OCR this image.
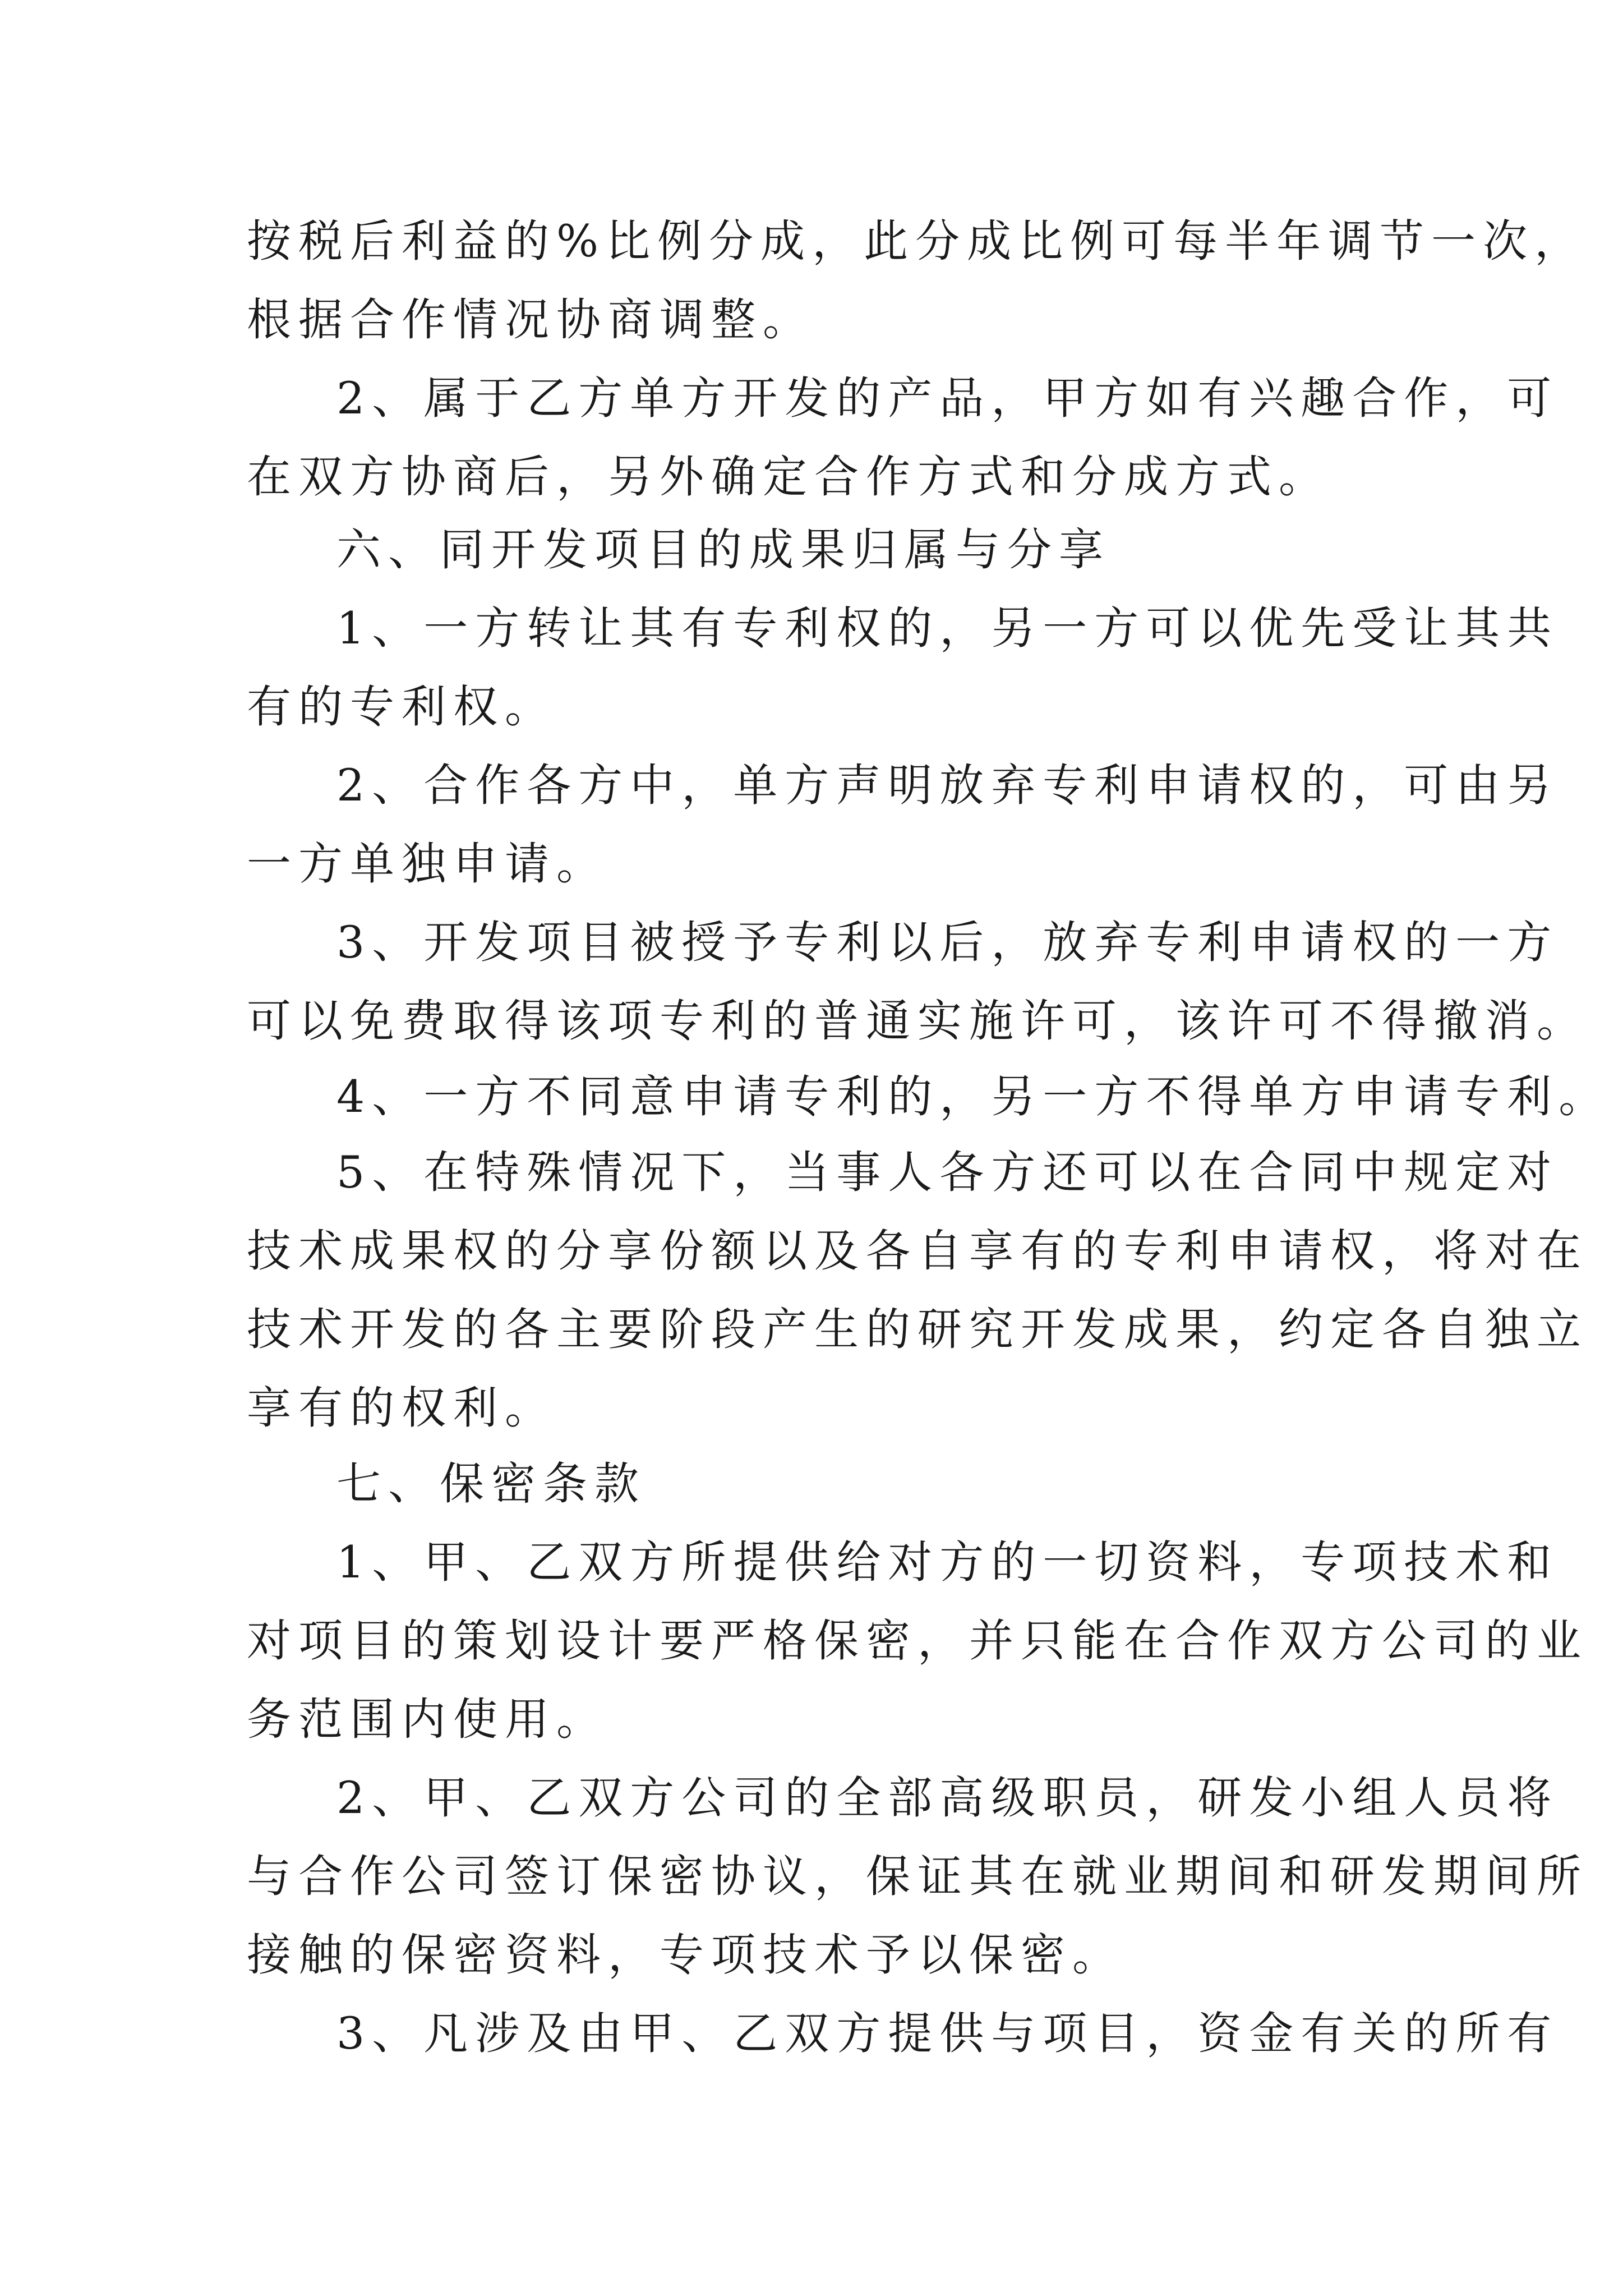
按税后利益的%比例分成，此分成比例可每半年调节一次，

根据合作情况协商调整。

2、属于乙方单方开发的产品，甲方如有兴趣合作，可

在双方协商后，另外确定合作方式和分成方式。

六、同开发项目的成果归属与分享

1、一方转让其有专利权的，另一方可以优先受让其共

有的专利权。

2、合作各方中，单方声明放弃专利申请权的，可由另

一方单独申请。

3、开发项目被授予专利以后，放弃专利申请权的一方

可以免费取得该项专利的普通实施许可，该许可不得撤消。

4、一方不同意申请专利的，另一方不得单方申请专利。

5、在特殊情况下，当事人各方还可以在合同中规定对

技术成果权的分享份额以及各自享有的专利申请权，将对在

技术开发的各主要阶段产生的研究开发成果，约定各自独立

享有的权利。

七、保密条款

1、甲、乙双方所提供给对方的一切资料，专项技术和

对项目的策划设计要严格保密，并只能在合作双方公司的业

务范围内使用。

2、甲、乙双方公司的全部高级职员，研发小组人员将

与合作公司签订保密协议，保证其在就业期间和研发期间所

接触的保密资料，专项技术予以保密。

3、凡涉及由甲、乙双方提供与项目，资金有关的所有
